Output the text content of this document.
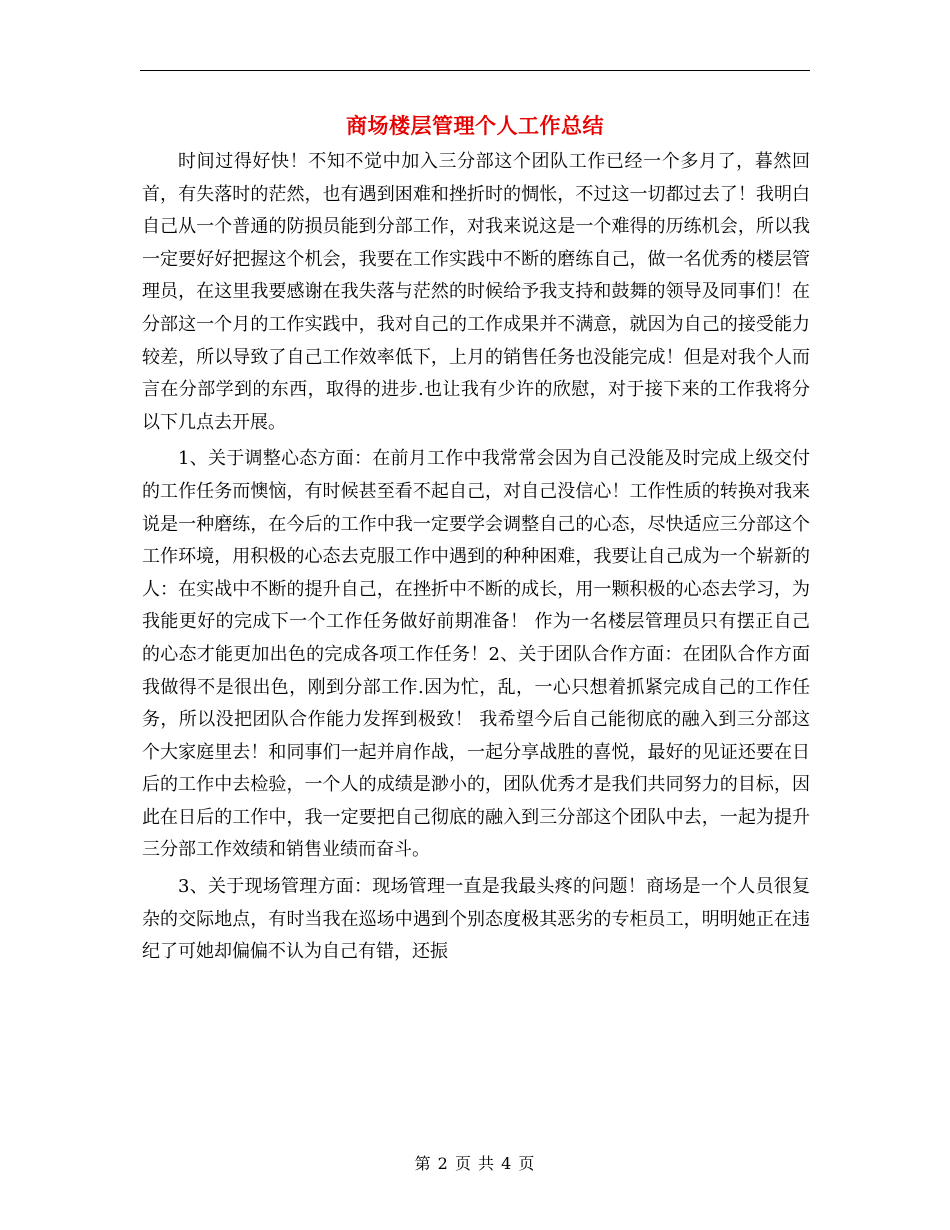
商场楼层管理个人工作总结

时间过得好快！不知不觉中加入三分部这个团队工作已经一个多月了，暮然回首，有失落时的茫然，也有遇到困难和挫折时的惆怅，不过这一切都过去了！我明白自己从一个普通的防损员能到分部工作，对我来说这是一个难得的历练机会，所以我一定要好好把握这个机会，我要在工作实践中不断的磨练自己，做一名优秀的楼层管理员，在这里我要感谢在我失落与茫然的时候给予我支持和鼓舞的领导及同事们！在分部这一个月的工作实践中，我对自己的工作成果并不满意，就因为自己的接受能力较差，所以导致了自己工作效率低下，上月的销售任务也没能完成！但是对我个人而言在分部学到的东西，取得的进步.也让我有少许的欣慰，对于接下来的工作我将分以下几点去开展。

1、关于调整心态方面：在前月工作中我常常会因为自己没能及时完成上级交付的工作任务而懊恼，有时候甚至看不起自己，对自己没信心！工作性质的转换对我来说是一种磨练，在今后的工作中我一定要学会调整自己的心态，尽快适应三分部这个工作环境，用积极的心态去克服工作中遇到的种种困难，我要让自己成为一个崭新的人：在实战中不断的提升自己，在挫折中不断的成长，用一颗积极的心态去学习，为我能更好的完成下一个工作任务做好前期准备！ 作为一名楼层管理员只有摆正自己的心态才能更加出色的完成各项工作任务！2、关于团队合作方面：在团队合作方面我做得不是很出色，刚到分部工作.因为忙，乱，一心只想着抓紧完成自己的工作任务，所以没把团队合作能力发挥到极致！ 我希望今后自己能彻底的融入到三分部这个大家庭里去！和同事们一起并肩作战，一起分享战胜的喜悦，最好的见证还要在日后的工作中去检验，一个人的成绩是渺小的，团队优秀才是我们共同努力的目标，因此在日后的工作中，我一定要把自己彻底的融入到三分部这个团队中去，一起为提升三分部工作效绩和销售业绩而奋斗。

3、关于现场管理方面：现场管理一直是我最头疼的问题！商场是一个人员很复杂的交际地点，有时当我在巡场中遇到个别态度极其恶劣的专柜员工，明明她正在违纪了可她却偏偏不认为自己有错，还振

第 2 页 共 4 页
